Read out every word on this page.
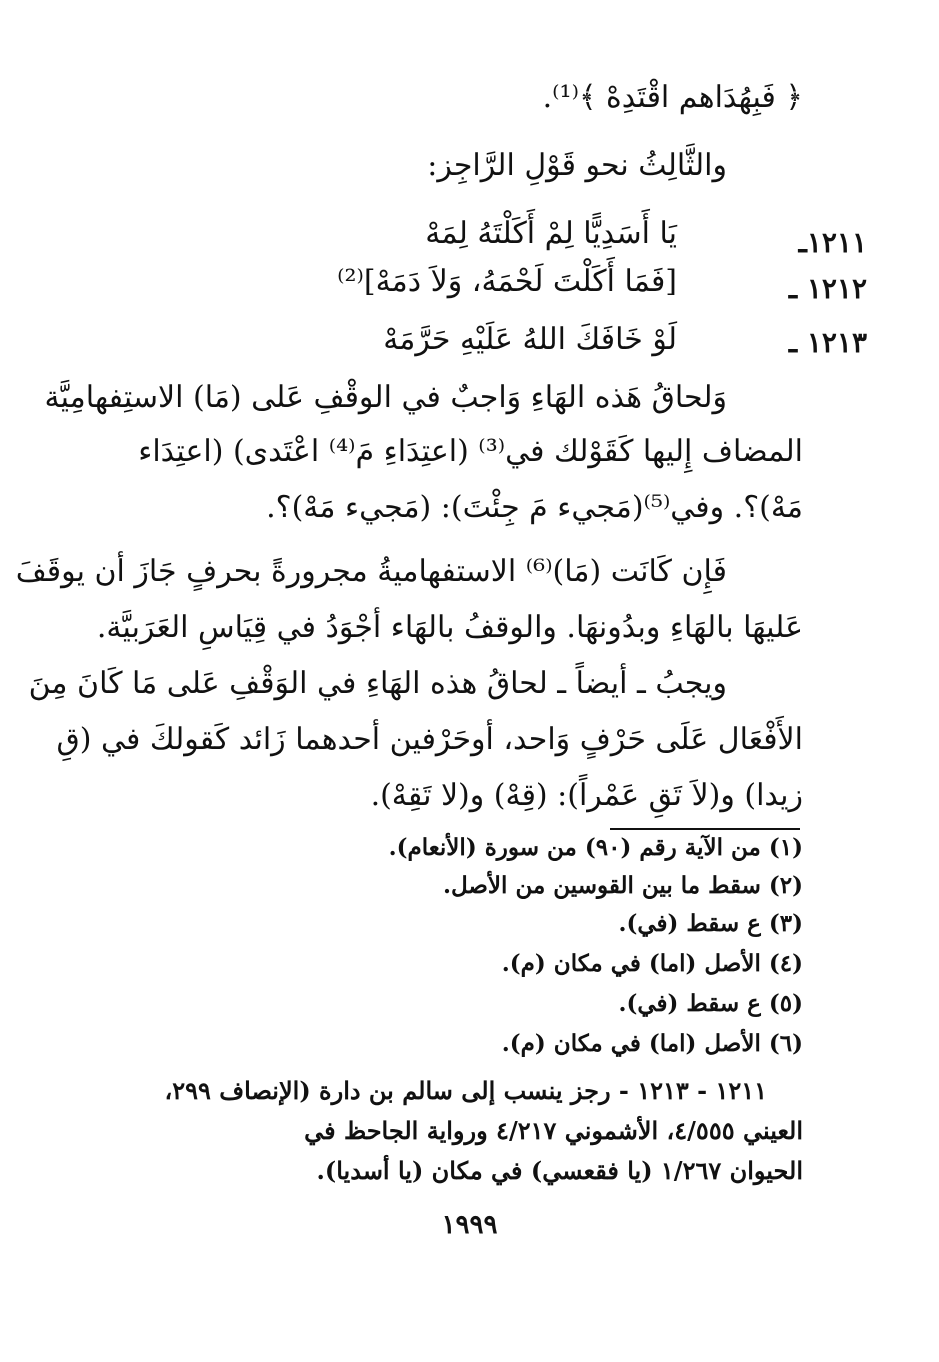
﴿ فَبِهُدَاهم اقْتَدِهْ ﴾⁽¹⁾.
والثَّالِثُ نحو قَوْلِ الرَّاجِز:
١٢١١ـ
يَا أَسَدِيًّا لِمْ أَكَلْتَهُ لِمَهْ
١٢١٢ ـ
[فَمَا أَكَلْتَ لَحْمَهُ، وَلاَ دَمَهْ]⁽²⁾
١٢١٣ ـ
لَوْ خَافَكَ اللهُ عَلَيْهِ حَرَّمَهْ
وَلحاقُ هَذه الهَاءِ وَاجبٌ في الوقْفِ عَلى (مَا) الاستِفهامِيَّة
المضاف إِليها كَقَوْلك في⁽³⁾ (اعتِدَاءِ مَ⁽⁴⁾ اعْتَدى) (اعتِدَاء
مَهْ)؟. وفي⁽⁵⁾(مَجيء مَ جِئْتَ): (مَجيء مَهْ)؟.
فَإِن كَانَت (مَا)⁽⁶⁾ الاستفهاميةُ مجرورةً بحرفٍ جَازَ أن يوقَفَ
عَليهَا بالهَاءِ وبدُونهَا. والوقفُ بالهَاء أجْوَدُ في قِيَاسِ العَرَبيَّة.
ويجبُ ـ أيضاً ـ لحاقُ هذه الهَاءِ في الوَقْفِ عَلى مَا كَانَ مِنَ
الأَفْعَال عَلَى حَرْفٍ وَاحد، أوحَرْفين أحدهما زَائد كَقولكَ في (قِ
زيدا) و(لاَ تَقِ عَمْراً): (قِهْ) و(لا تَقِهْ).
(١) من الآية رقم (٩٠) من سورة (الأنعام).
(٢) سقط ما بين القوسين من الأصل.
(٣) ع سقط (في).
(٤) الأصل (اما) في مكان (م).
(٥) ع سقط (في).
(٦) الأصل (اما) في مكان (م).
١٢١١ - ١٢١٣ - رجز ينسب إلى سالم بن دارة (الإنصاف ٢٩٩،
العيني ٤/٥٥٥، الأشموني ٤/٢١٧ ورواية الجاحظ في
الحيوان ١/٢٦٧ (يا فقعسي) في مكان (يا أسديا).
١٩٩٩
